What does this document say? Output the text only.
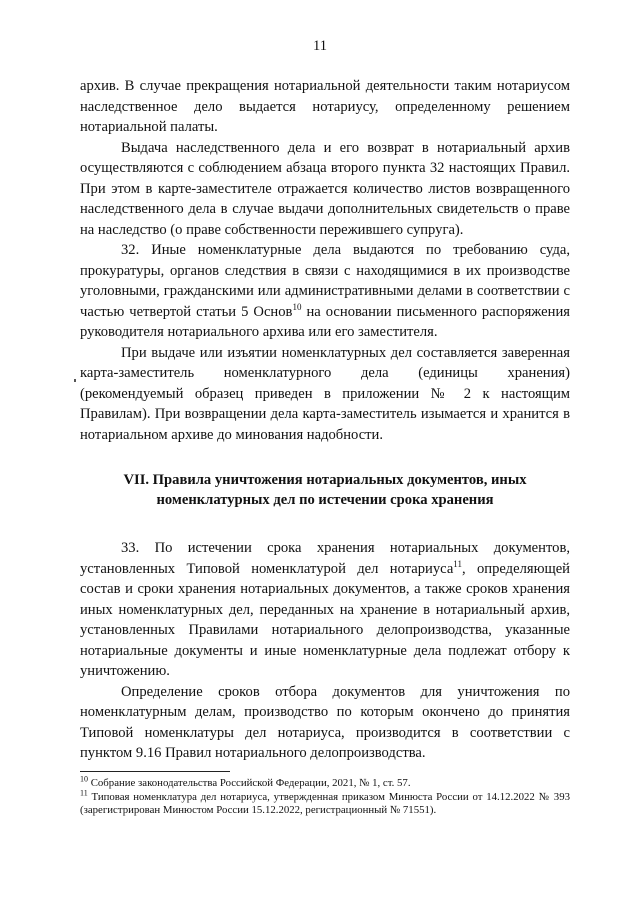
11

архив. В случае прекращения нотариальной деятельности таким нотариусом наследственное дело выдается нотариусу, определенному решением нотариальной палаты.

Выдача наследственного дела и его возврат в нотариальный архив осуществляются с соблюдением абзаца второго пункта 32 настоящих Правил. При этом в карте-заместителе отражается количество листов возвращенного наследственного дела в случае выдачи дополнительных свидетельств о праве на наследство (о праве собственности пережившего супруга).

32. Иные номенклатурные дела выдаются по требованию суда, прокуратуры, органов следствия в связи с находящимися в их производстве уголовными, гражданскими или административными делами в соответствии с частью четвертой статьи 5 Основ$^{10}$ на основании письменного распоряжения руководителя нотариального архива или его заместителя.

При выдаче или изъятии номенклатурных дел составляется заверенная карта-заместитель номенклатурного дела (единицы хранения) (рекомендуемый образец приведен в приложении № 2 к настоящим Правилам). При возвращении дела карта-заместитель изымается и хранится в нотариальном архиве до минования надобности.

VII. Правила уничтожения нотариальных документов, иных
номенклатурных дел по истечении срока хранения

33. По истечении срока хранения нотариальных документов, установленных Типовой номенклатурой дел нотариуса$^{11}$, определяющей состав и сроки хранения нотариальных документов, а также сроков хранения иных номенклатурных дел, переданных на хранение в нотариальный архив, установленных Правилами нотариального делопроизводства, указанные нотариальные документы и иные номенклатурные дела подлежат отбору к уничтожению.

Определение сроков отбора документов для уничтожения по номенклатурным делам, производство по которым окончено до принятия Типовой номенклатуры дел нотариуса, производится в соответствии с пунктом 9.16 Правил нотариального делопроизводства.

$^{10}$ Собрание законодательства Российской Федерации, 2021, № 1, ст. 57.

$^{11}$ Типовая номенклатура дел нотариуса, утвержденная приказом Минюста России от 14.12.2022 № 393 (зарегистрирован Минюстом России 15.12.2022, регистрационный № 71551).
